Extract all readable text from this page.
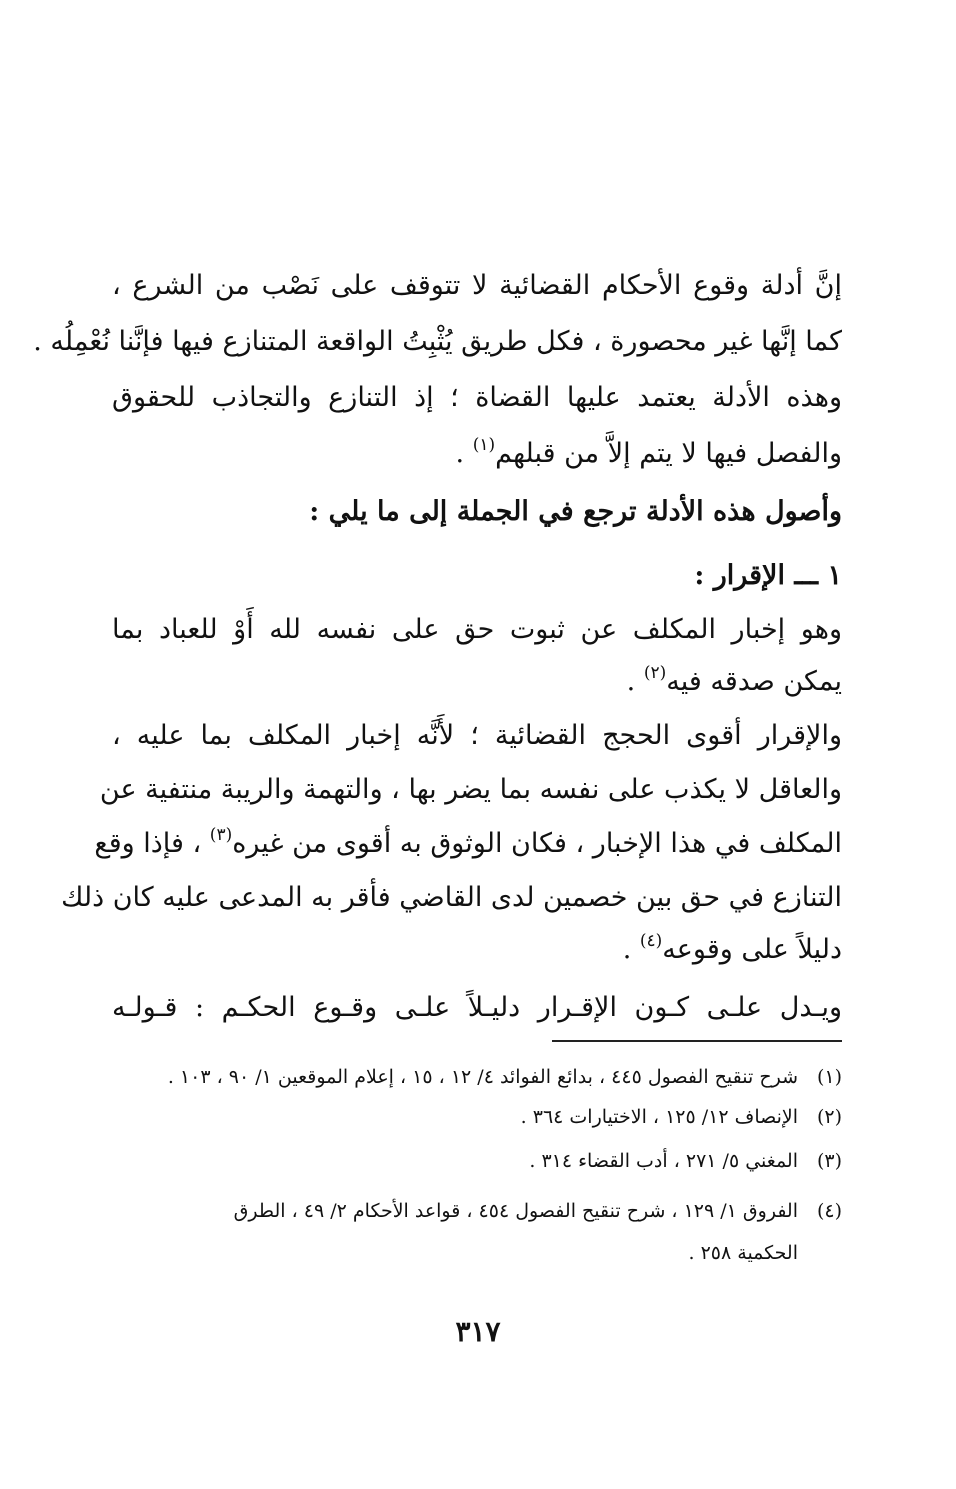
إنَّ أدلة وقوع الأحكام القضائية لا تتوقف على نَصْب من الشرع ،
كما إنَّها غير محصورة ، فكل طريق يُثْبِتُ الواقعة المتنازع فيها فإنَّنا نُعْمِلُه .
وهذه الأدلة يعتمد عليها القضاة ؛ إذ التنازع والتجاذب للحقوق
والفصل فيها لا يتم إلاَّ من قبلهم$^{(١)}$ .
وأصول هذه الأدلة ترجع في الجملة إلى ما يلي :
١ ـــ الإقرار :
وهو إخبار المكلف عن ثبوت حق على نفسه لله أَوْ للعباد بما
يمكن صدقه فيه$^{(٢)}$ .
والإقرار أقوى الحجج القضائية ؛ لأَنَّه إخبار المكلف بما عليه ،
والعاقل لا يكذب على نفسه بما يضر بها ، والتهمة والريبة منتفية عن
المكلف في هذا الإخبار ، فكان الوثوق به أقوى من غيره$^{(٣)}$ ، فإذا وقع
التنازع في حق بين خصمين لدى القاضي فأقر به المدعى عليه كان ذلك
دليلاً على وقوعه$^{(٤)}$ .
ويـدل علـى كـون الإقـرار دليـلاً علـى وقـوع الحكـم : قـولـه
(١)شرح تنقيح الفصول ٤٤٥ ، بدائع الفوائد ٤/ ١٢ ، ١٥ ، إعلام الموقعين ١/ ٩٠ ، ١٠٣ .
(٢)الإنصاف ١٢/ ١٢٥ ، الاختيارات ٣٦٤ .
(٣)المغني ٥/ ٢٧١ ، أدب القضاء ٣١٤ .
(٤)الفروق ١/ ١٢٩ ، شرح تنقيح الفصول ٤٥٤ ، قواعد الأحكام ٢/ ٤٩ ، الطرق
الحكمية ٢٥٨ .
٣١٧
